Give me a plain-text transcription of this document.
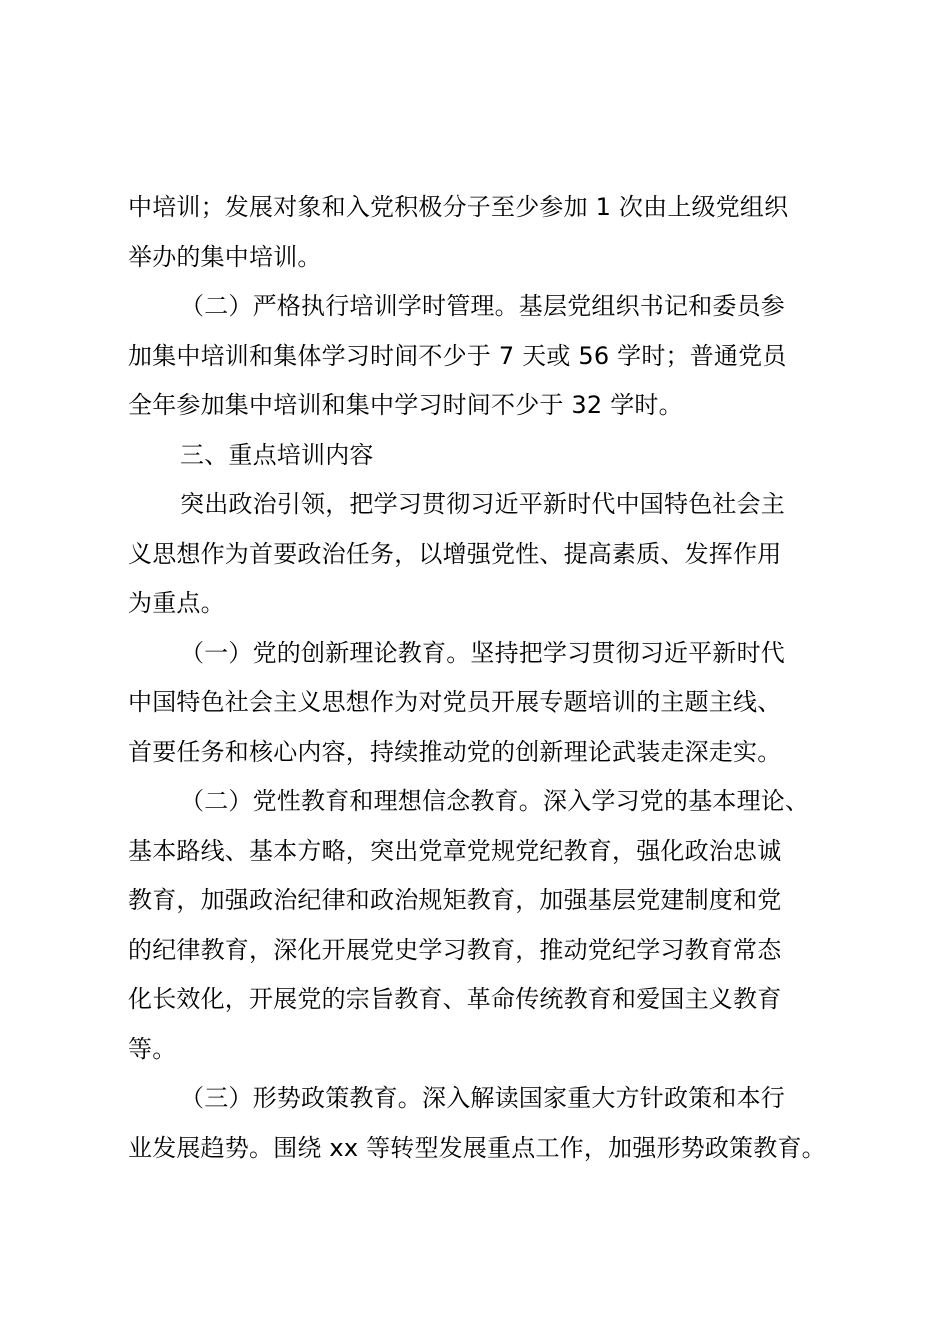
中培训；发展对象和入党积极分子至少参加 1 次由上级党组织
举办的集中培训。
（二）严格执行培训学时管理。基层党组织书记和委员参
加集中培训和集体学习时间不少于 7 天或 56 学时；普通党员
全年参加集中培训和集中学习时间不少于 32 学时。
三、重点培训内容
突出政治引领，把学习贯彻习近平新时代中国特色社会主
义思想作为首要政治任务，以增强党性、提高素质、发挥作用
为重点。
（一）党的创新理论教育。坚持把学习贯彻习近平新时代
中国特色社会主义思想作为对党员开展专题培训的主题主线、
首要任务和核心内容，持续推动党的创新理论武装走深走实。
（二）党性教育和理想信念教育。深入学习党的基本理论、
基本路线、基本方略，突出党章党规党纪教育，强化政治忠诚
教育，加强政治纪律和政治规矩教育，加强基层党建制度和党
的纪律教育，深化开展党史学习教育，推动党纪学习教育常态
化长效化，开展党的宗旨教育、革命传统教育和爱国主义教育
等。
（三）形势政策教育。深入解读国家重大方针政策和本行
业发展趋势。围绕 xx 等转型发展重点工作，加强形势政策教育。
